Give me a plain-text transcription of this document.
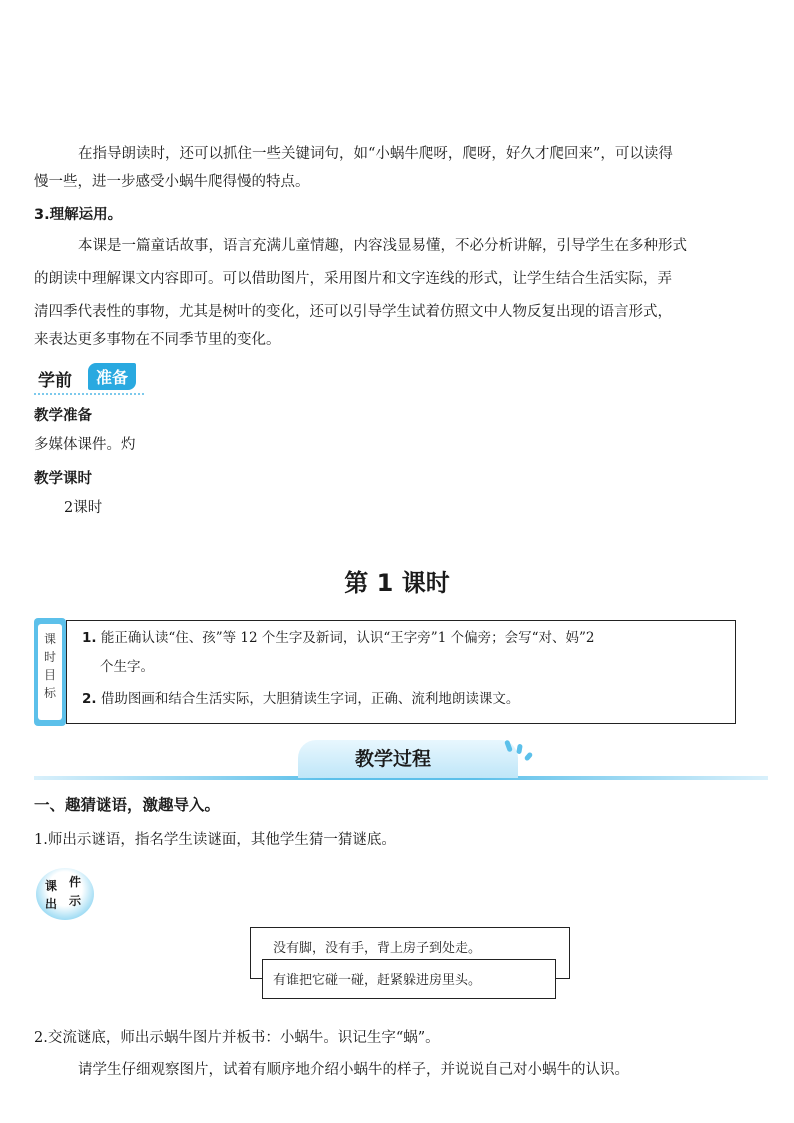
在指导朗读时，还可以抓住一些关键词句，如“小蜗牛爬呀，爬呀，好久才爬回来”，可以读得
慢一些，进一步感受小蜗牛爬得慢的特点。
3.理解运用。
本课是一篇童话故事，语言充满儿童情趣，内容浅显易懂，不必分析讲解，引导学生在多种形式
的朗读中理解课文内容即可。可以借助图片，采用图片和文字连线的形式，让学生结合生活实际，弄
清四季代表性的事物，尤其是树叶的变化，还可以引导学生试着仿照文中人物反复出现的语言形式，
来表达更多事物在不同季节里的变化。
学前	准备
教学准备
多媒体课件。灼
教学课时
2课时
第 1 课时
课
时
目
标
1. 能正确认读“住、孩”等 12 个生字及新词，认识“王字旁”1 个偏旁；会写“对、妈”2
个生字。
2. 借助图画和结合生活实际，大胆猜读生字词，正确、流利地朗读课文。
教学过程
一、趣猜谜语，激趣导入。
1.师出示谜语，指名学生读谜面，其他学生猜一猜谜底。
课 件
出 示
没有脚，没有手，背上房子到处走。
有谁把它碰一碰，赶紧躲进房里头。
2.交流谜底，师出示蜗牛图片并板书：小蜗牛。识记生字“蜗”。
请学生仔细观察图片，试着有顺序地介绍小蜗牛的样子，并说说自己对小蜗牛的认识。
